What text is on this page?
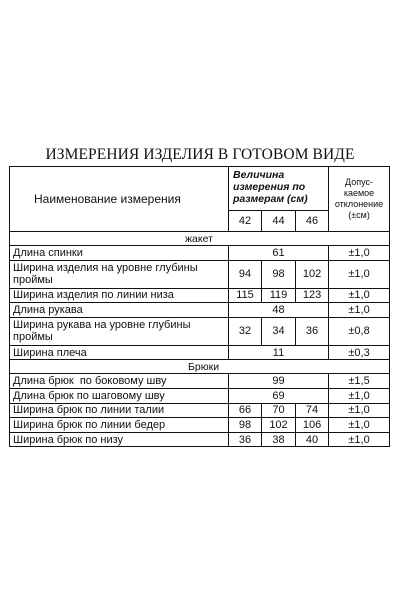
ИЗМЕРЕНИЯ ИЗДЕЛИЯ В ГОТОВОМ ВИДЕ
Наименование измерения	Величина измерения по размерам (см)			Допус-каемое отклонение (±см)
	42	44	46	
жакет				
Длина спинки	61			±1,0
Ширина изделия на уровне глубины проймы	94	98	102	±1,0
Ширина изделия по линии низа	115	119	123	±1,0
Длина рукава	48			±1,0
Ширина рукава на уровне глубины проймы	32	34	36	±0,8
Ширина плеча	11			±0,3
Брюки				
Длина брюк  по боковому шву	99			±1,5
Длина брюк по шаговому шву	69			±1,0
Ширина брюк по линии талии	66	70	74	±1,0
Ширина брюк по линии бедер	98	102	106	±1,0
Ширина брюк по низу	36	38	40	±1,0
